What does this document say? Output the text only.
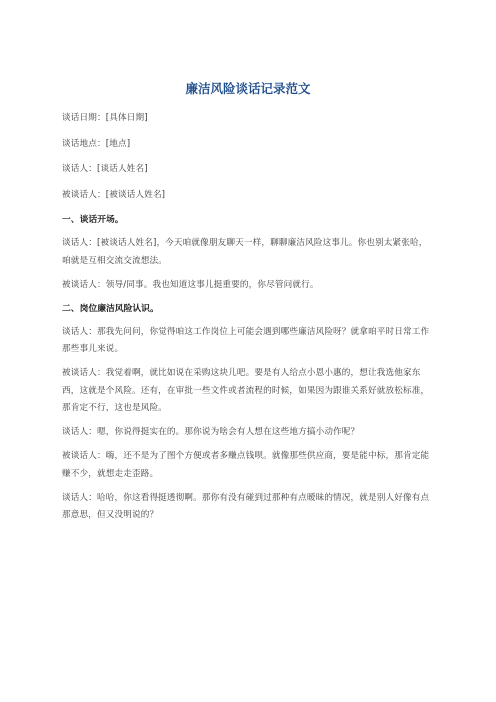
廉洁风险谈话记录范文

谈话日期：[具体日期]

谈话地点：[地点]

谈话人：[谈话人姓名]

被谈话人：[被谈话人姓名]

一、谈话开场。

谈话人：[被谈话人姓名]，今天咱就像朋友聊天一样，聊聊廉洁风险这事儿。你也别太紧张哈，咱就是互相交流交流想法。

被谈话人：领导/同事。我也知道这事儿挺重要的，你尽管问就行。

二、岗位廉洁风险认识。

谈话人：那我先问问，你觉得咱这工作岗位上可能会遇到哪些廉洁风险呀？就拿咱平时日常工作那些事儿来说。

被谈话人：我觉着啊，就比如说在采购这块儿吧。要是有人给点小恩小惠的，想让我选他家东西，这就是个风险。还有，在审批一些文件或者流程的时候，如果因为跟谁关系好就放松标准，那肯定不行，这也是风险。

谈话人：嗯，你说得挺实在的。那你说为啥会有人想在这些地方搞小动作呢？

被谈话人：嗨，还不是为了图个方便或者多赚点钱呗。就像那些供应商，要是能中标，那肯定能赚不少，就想走走歪路。

谈话人：哈哈，你这看得挺透彻啊。那你有没有碰到过那种有点暧昧的情况，就是别人好像有点那意思，但又没明说的？
